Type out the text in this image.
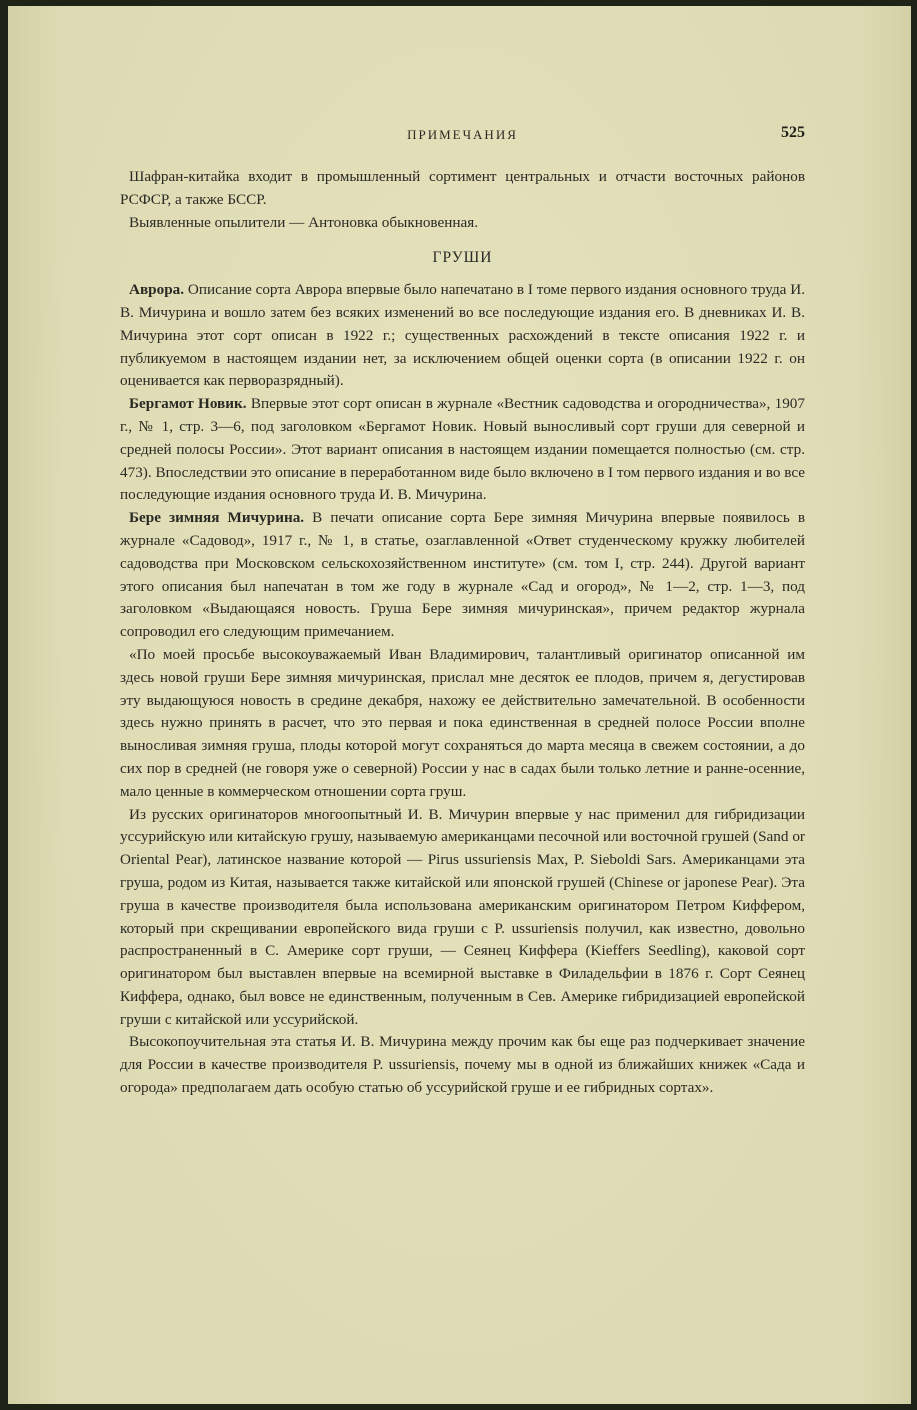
ПРИМЕЧАНИЯ	525

Шафран-китайка входит в промышленный сортимент центральных и отчасти восточных районов РСФСР, а также БССР.

Выявленные опылители — Антоновка обыкновенная.

ГРУШИ

Аврора. Описание сорта Аврора впервые было напечатано в I томе первого издания основного труда И. В. Мичурина и вошло затем без всяких изменений во все последующие издания его. В дневниках И. В. Мичурина этот сорт описан в 1922 г.; существенных расхождений в тексте описания 1922 г. и публикуемом в настоящем издании нет, за исключением общей оценки сорта (в описании 1922 г. он оценивается как перворазрядный).

Бергамот Новик. Впервые этот сорт описан в журнале «Вестник садоводства и огородничества», 1907 г., № 1, стр. 3—6, под заголовком «Бергамот Новик. Новый выносливый сорт груши для северной и средней полосы России». Этот вариант описания в настоящем издании помещается полностью (см. стр. 473). Впоследствии это описание в переработанном виде было включено в I том первого издания и во все последующие издания основного труда И. В. Мичурина.

Бере зимняя Мичурина. В печати описание сорта Бере зимняя Мичурина впервые появилось в журнале «Садовод», 1917 г., № 1, в статье, озаглавленной «Ответ студенческому кружку любителей садоводства при Московском сельскохозяйственном институте» (см. том I, стр. 244). Другой вариант этого описания был напечатан в том же году в журнале «Сад и огород», № 1—2, стр. 1—3, под заголовком «Выдающаяся новость. Груша Бере зимняя мичуринская», причем редактор журнала сопроводил его следующим примечанием.

«По моей просьбе высокоуважаемый Иван Владимирович, талантливый оригинатор описанной им здесь новой груши Бере зимняя мичуринская, прислал мне десяток ее плодов, причем я, дегустировав эту выдающуюся новость в средине декабря, нахожу ее действительно замечательной. В особенности здесь нужно принять в расчет, что это первая и пока единственная в средней полосе России вполне выносливая зимняя груша, плоды которой могут сохраняться до марта месяца в свежем состоянии, а до сих пор в средней (не говоря уже о северной) России у нас в садах были только летние и ранне-осенние, мало ценные в коммерческом отношении сорта груш.

Из русских оригинаторов многоопытный И. В. Мичурин впервые у нас применил для гибридизации уссурийскую или китайскую грушу, называемую американцами песочной или восточной грушей (Sand or Oriental Pear), латинское название которой — Pirus ussuriensis Max, P. Sieboldi Sars. Американцами эта груша, родом из Китая, называется также китайской или японской грушей (Chinese or japonese Pear). Эта груша в качестве производителя была использована американским оригинатором Петром Киффером, который при скрещивании европейского вида груши с P. ussuriensis получил, как известно, довольно распространенный в С. Америке сорт груши, — Сеянец Киффера (Kieffers Seedling), каковой сорт оригинатором был выставлен впервые на всемирной выставке в Филадельфии в 1876 г. Сорт Сеянец Киффера, однако, был вовсе не единственным, полученным в Сев. Америке гибридизацией европейской груши с китайской или уссурийской.

Высокопоучительная эта статья И. В. Мичурина между прочим как бы еще раз подчеркивает значение для России в качестве производителя P. ussuriensis, почему мы в одной из ближайших книжек «Сада и огорода» предполагаем дать особую статью об уссурийской груше и ее гибридных сортах».
